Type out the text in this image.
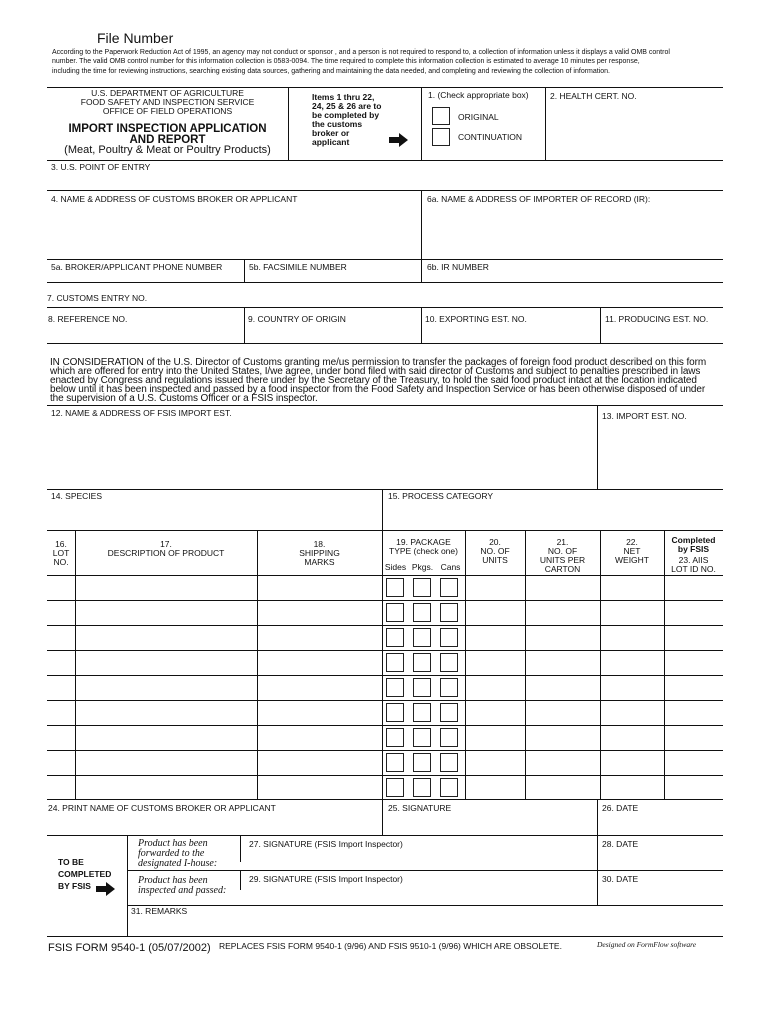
File Number
According to the Paperwork Reduction Act of 1995, an agency may not conduct or sponsor , and a person is not required to respond to, a collection of information unless it displays a valid OMB control
number. The valid OMB control number for this information collection is 0583-0094. The time required to complete this information collection is estimated to average 10 minutes per response,
including the time for reviewing instructions, searching existing data sources, gathering and maintaining the data needed, and completing and reviewing the collection of information.
U.S. DEPARTMENT OF AGRICULTURE
FOOD SAFETY AND INSPECTION SERVICE
OFFICE OF FIELD OPERATIONS
IMPORT INSPECTION APPLICATION
AND REPORT
(Meat, Poultry & Meat or Poultry Products)
Items 1 thru 22,
24, 25 & 26 are to
be completed by
the customs
broker or
applicant
1. (Check appropriate box)
ORIGINAL
CONTINUATION
2. HEALTH CERT. NO.
3. U.S. POINT OF ENTRY
4. NAME & ADDRESS OF CUSTOMS BROKER OR APPLICANT	6a. NAME & ADDRESS OF IMPORTER OF RECORD (IR):
5a. BROKER/APPLICANT PHONE NUMBER	5b. FACSIMILE NUMBER	6b. IR NUMBER
7. CUSTOMS ENTRY NO.
8. REFERENCE NO.	9. COUNTRY OF ORIGIN	10. EXPORTING EST. NO.	11. PRODUCING EST. NO.
IN CONSIDERATION of the U.S. Director of Customs granting me/us permission to transfer the packages of foreign food product described on this form
which are offered for entry into the United States, I/we agree, under bond filed with said director of Customs and subject to penalties prescribed in laws
enacted by Congress and regulations issued there under by the Secretary of the Treasury, to hold the said food product intact at the location indicated
below until it has been inspected and passed by a food inspector from the Food Safety and Inspection Service or has been otherwise disposed of under
the supervision of a U.S. Customs Officer or a FSIS inspector.
12. NAME & ADDRESS OF FSIS IMPORT EST.	13. IMPORT EST. NO.
14. SPECIES	15. PROCESS CATEGORY
16.
LOT
NO.
17.
DESCRIPTION OF PRODUCT
18.
SHIPPING
MARKS
19. PACKAGE
TYPE (check one)
Sides Pkgs. Cans
20.
NO. OF
UNITS
21.
NO. OF
UNITS PER
CARTON
22.
NET
WEIGHT
Completed
by FSIS
23. AIIS
LOT ID NO.
24. PRINT NAME OF CUSTOMS BROKER OR APPLICANT	25. SIGNATURE	26. DATE
TO BE
COMPLETED
BY FSIS
Product has been
forwarded to the
designated I-house:
27. SIGNATURE (FSIS Import Inspector)	28. DATE
Product has been
inspected and passed:
29. SIGNATURE (FSIS Import Inspector)	30. DATE
31. REMARKS
FSIS FORM 9540-1 (05/07/2002) REPLACES FSIS FORM 9540-1 (9/96) AND FSIS 9510-1 (9/96) WHICH ARE OBSOLETE.	Designed on FormFlow software
